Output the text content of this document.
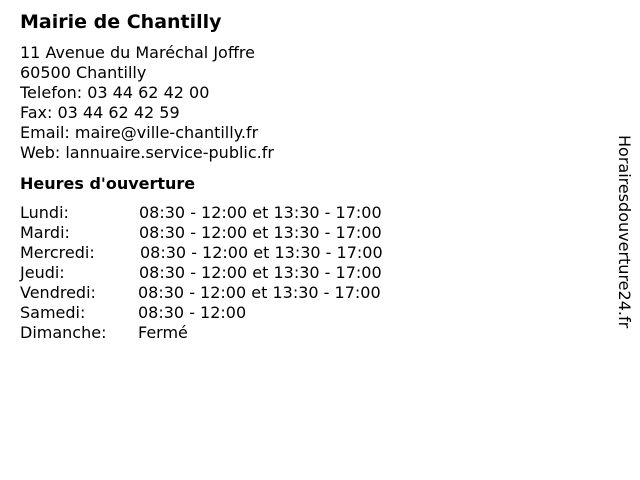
Mairie de Chantilly
11 Avenue du Maréchal Joffre
60500 Chantilly
Telefon: 03 44 62 42 00
Fax: 03 44 62 42 59
Email: maire@ville-chantilly.fr
Web: lannuaire.service-public.fr
Heures d'ouverture
Lundi:	08:30 - 12:00 et 13:30 - 17:00
Mardi:	08:30 - 12:00 et 13:30 - 17:00
Mercredi:	08:30 - 12:00 et 13:30 - 17:00
Jeudi:	08:30 - 12:00 et 13:30 - 17:00
Vendredi:	08:30 - 12:00 et 13:30 - 17:00
Samedi:	08:30 - 12:00
Dimanche: Fermé
Horairesdouverture24.fr
